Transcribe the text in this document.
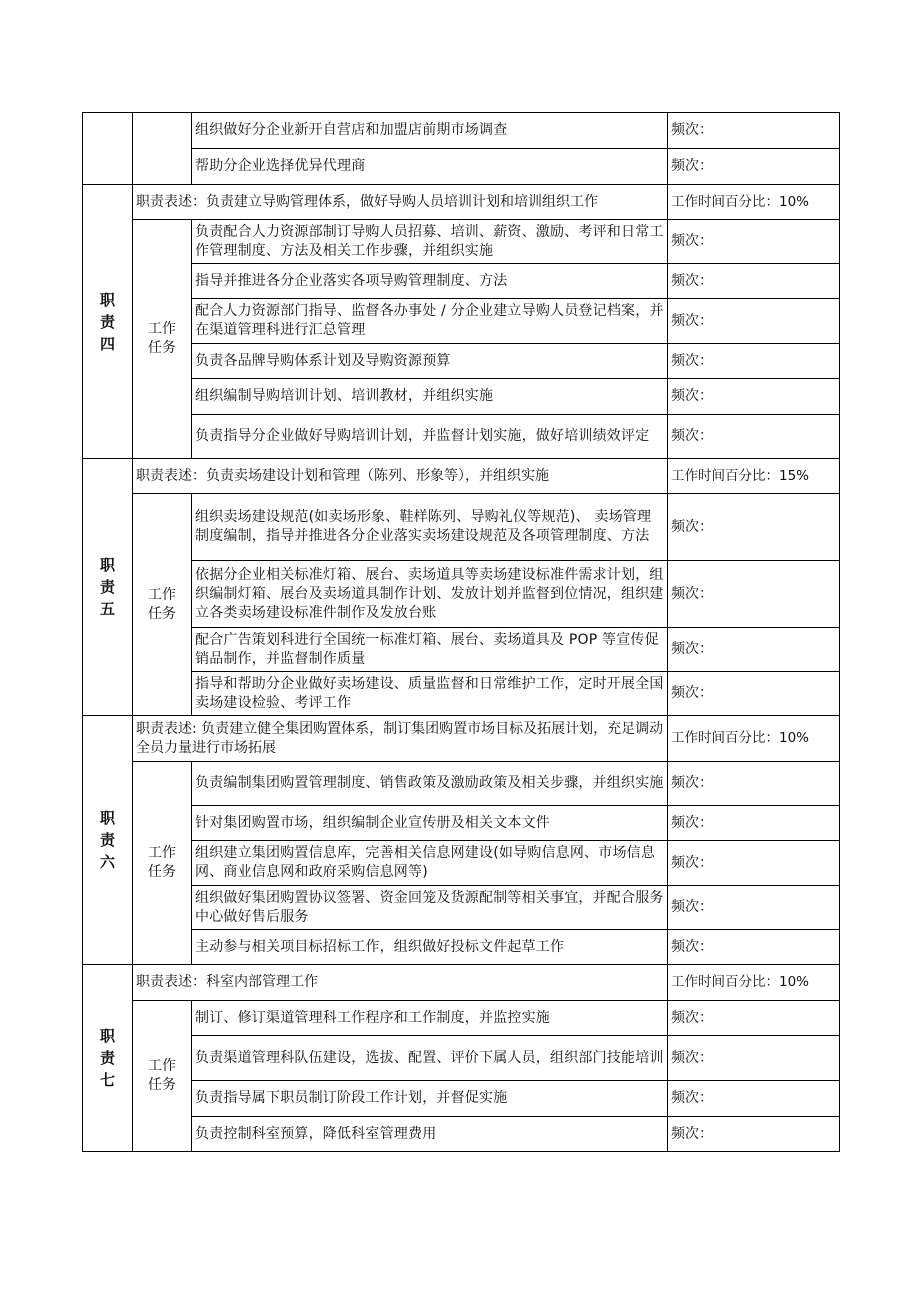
		组织做好分企业新开自营店和加盟店前期市场调查	频次：
		帮助分企业选择优异代理商	频次：

职
责
四	职责表述：负责建立导购管理体系，做好导购人员培训计划和培训组织工作		工作时间百分比：10%

	工作
任务	负责配合人力资源部制订导购人员招募、培训、薪资、激励、考评和日常工作管理制度、方法及相关工作步骤，并组织实施	频次：
		指导并推进各分企业落实各项导购管理制度、方法	频次：
		配合人力资源部门指导、监督各办事处 / 分企业建立导购人员登记档案，并在渠道管理科进行汇总管理	频次：
		负责各品牌导购体系计划及导购资源预算	频次：
		组织编制导购培训计划、培训教材，并组织实施	频次：
		负责指导分企业做好导购培训计划，并监督计划实施，做好培训绩效评定	频次：

职
责
五	职责表述：负责卖场建设计划和管理（陈列、形象等），并组织实施		工作时间百分比：15%

	工作
任务	组织卖场建设规范(如卖场形象、鞋样陈列、导购礼仪等规范)、 卖场管理制度编制，指导并推进各分企业落实卖场建设规范及各项管理制度、方法	频次：
		依据分企业相关标准灯箱、展台、卖场道具等卖场建设标准件需求计划，组织编制灯箱、展台及卖场道具制作计划、发放计划并监督到位情况，组织建立各类卖场建设标准件制作及发放台账	频次：
		配合广告策划科进行全国统一标准灯箱、展台、卖场道具及 POP 等宣传促销品制作，并监督制作质量	频次：
		指导和帮助分企业做好卖场建设、质量监督和日常维护工作，定时开展全国卖场建设检验、考评工作	频次：

职
责
六	职责表述: 负责建立健全集团购置体系，制订集团购置市场目标及拓展计划，充足调动全员力量进行市场拓展		工作时间百分比：10%

	工作
任务	负责编制集团购置管理制度、销售政策及激励政策及相关步骤，并组织实施	频次：
		针对集团购置市场，组织编制企业宣传册及相关文本文件	频次：
		组织建立集团购置信息库，完善相关信息网建设(如导购信息网、市场信息网、商业信息网和政府采购信息网等)	频次：
		组织做好集团购置协议签署、资金回笼及货源配制等相关事宜，并配合服务中心做好售后服务	频次：
		主动参与相关项目标招标工作，组织做好投标文件起草工作	频次：

职
责
七	职责表述：科室内部管理工作		工作时间百分比：10%

	工作
任务	制订、修订渠道管理科工作程序和工作制度，并监控实施	频次：
		负责渠道管理科队伍建设，选拔、配置、评价下属人员，组织部门技能培训	频次：
		负责指导属下职员制订阶段工作计划，并督促实施	频次：
		负责控制科室预算，降低科室管理费用	频次：
